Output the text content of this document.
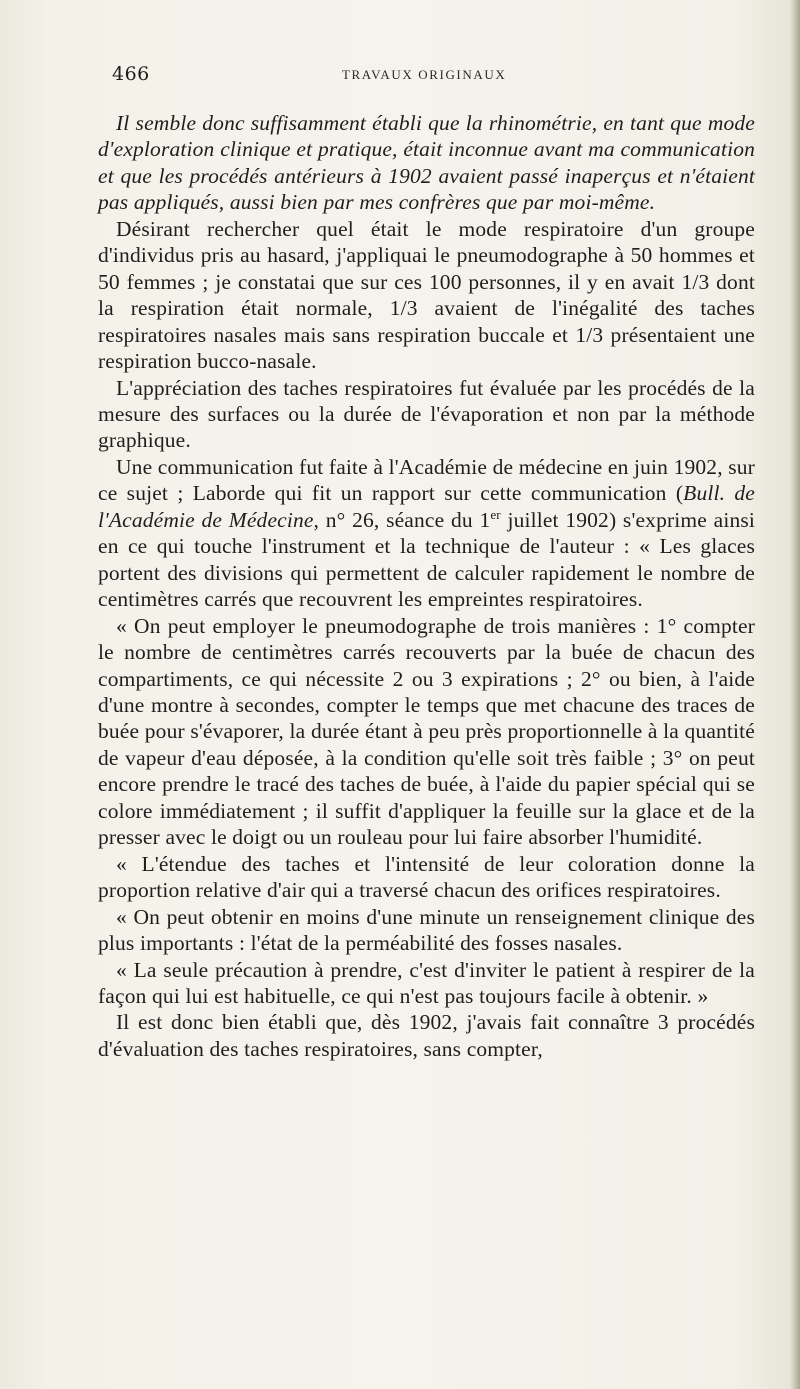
466	TRAVAUX ORIGINAUX

Il semble donc suffisamment établi que la rhinométrie, en tant que mode d'exploration clinique et pratique, était inconnue avant ma communication et que les procédés antérieurs à 1902 avaient passé inaperçus et n'étaient pas appliqués, aussi bien par mes confrères que par moi-même.

Désirant rechercher quel était le mode respiratoire d'un groupe d'individus pris au hasard, j'appliquai le pneumodographe à 50 hommes et 50 femmes ; je constatai que sur ces 100 personnes, il y en avait 1/3 dont la respiration était normale, 1/3 avaient de l'inégalité des taches respiratoires nasales mais sans respiration buccale et 1/3 présentaient une respiration bucco-nasale.

L'appréciation des taches respiratoires fut évaluée par les procédés de la mesure des surfaces ou la durée de l'évaporation et non par la méthode graphique.

Une communication fut faite à l'Académie de médecine en juin 1902, sur ce sujet ; Laborde qui fit un rapport sur cette communication (Bull. de l'Académie de Médecine, n° 26, séance du 1er juillet 1902) s'exprime ainsi en ce qui touche l'instrument et la technique de l'auteur : « Les glaces portent des divisions qui permettent de calculer rapidement le nombre de centimètres carrés que recouvrent les empreintes respiratoires.

« On peut employer le pneumodographe de trois manières : 1° compter le nombre de centimètres carrés recouverts par la buée de chacun des compartiments, ce qui nécessite 2 ou 3 expirations ; 2° ou bien, à l'aide d'une montre à secondes, compter le temps que met chacune des traces de buée pour s'évaporer, la durée étant à peu près proportionnelle à la quantité de vapeur d'eau déposée, à la condition qu'elle soit très faible ; 3° on peut encore prendre le tracé des taches de buée, à l'aide du papier spécial qui se colore immédiatement ; il suffit d'appliquer la feuille sur la glace et de la presser avec le doigt ou un rouleau pour lui faire absorber l'humidité.

« L'étendue des taches et l'intensité de leur coloration donne la proportion relative d'air qui a traversé chacun des orifices respiratoires.

« On peut obtenir en moins d'une minute un renseignement clinique des plus importants : l'état de la perméabilité des fosses nasales.

« La seule précaution à prendre, c'est d'inviter le patient à respirer de la façon qui lui est habituelle, ce qui n'est pas toujours facile à obtenir. »

Il est donc bien établi que, dès 1902, j'avais fait connaître 3 procédés d'évaluation des taches respiratoires, sans compter,
